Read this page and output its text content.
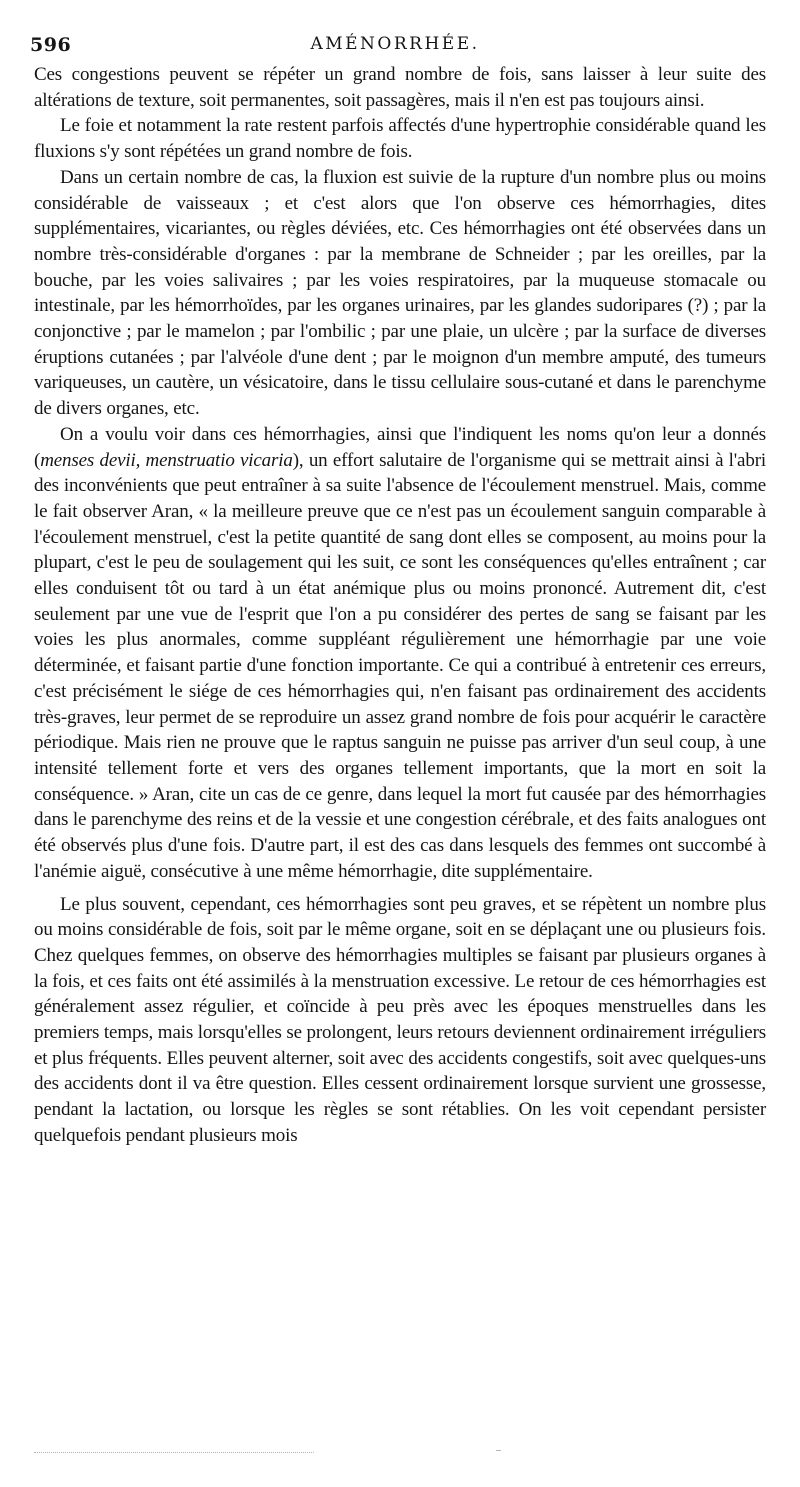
596	AMÉNORRHÉE.

Ces congestions peuvent se répéter un grand nombre de fois, sans laisser à leur suite des altérations de texture, soit permanentes, soit passagères, mais il n'en est pas toujours ainsi.

Le foie et notamment la rate restent parfois affectés d'une hypertrophie considérable quand les fluxions s'y sont répétées un grand nombre de fois.

Dans un certain nombre de cas, la fluxion est suivie de la rupture d'un nombre plus ou moins considérable de vaisseaux ; et c'est alors que l'on observe ces hémorrhagies, dites supplémentaires, vicariantes, ou règles déviées, etc. Ces hémorrhagies ont été observées dans un nombre très-considérable d'organes : par la membrane de Schneider ; par les oreilles, par la bouche, par les voies salivaires ; par les voies respiratoires, par la muqueuse stomacale ou intestinale, par les hémorrhoïdes, par les organes urinaires, par les glandes sudoripares (?) ; par la conjonctive ; par le mamelon ; par l'ombilic ; par une plaie, un ulcère ; par la surface de diverses éruptions cutanées ; par l'alvéole d'une dent ; par le moignon d'un membre amputé, des tumeurs variqueuses, un cautère, un vésicatoire, dans le tissu cellulaire sous-cutané et dans le parenchyme de divers organes, etc.

On a voulu voir dans ces hémorrhagies, ainsi que l'indiquent les noms qu'on leur a donnés (menses devii, menstruatio vicaria), un effort salutaire de l'organisme qui se mettrait ainsi à l'abri des inconvénients que peut entraîner à sa suite l'absence de l'écoulement menstruel. Mais, comme le fait observer Aran, « la meilleure preuve que ce n'est pas un écoulement sanguin comparable à l'écoulement menstruel, c'est la petite quantité de sang dont elles se composent, au moins pour la plupart, c'est le peu de soulagement qui les suit, ce sont les conséquences qu'elles entraînent ; car elles conduisent tôt ou tard à un état anémique plus ou moins prononcé. Autrement dit, c'est seulement par une vue de l'esprit que l'on a pu considérer des pertes de sang se faisant par les voies les plus anormales, comme suppléant régulièrement une hémorrhagie par une voie déterminée, et faisant partie d'une fonction importante. Ce qui a contribué à entretenir ces erreurs, c'est précisément le siége de ces hémorrhagies qui, n'en faisant pas ordinairement des accidents très-graves, leur permet de se reproduire un assez grand nombre de fois pour acquérir le caractère périodique. Mais rien ne prouve que le raptus sanguin ne puisse pas arriver d'un seul coup, à une intensité tellement forte et vers des organes tellement importants, que la mort en soit la conséquence. » Aran, cite un cas de ce genre, dans lequel la mort fut causée par des hémorrhagies dans le parenchyme des reins et de la vessie et une congestion cérébrale, et des faits analogues ont été observés plus d'une fois. D'autre part, il est des cas dans lesquels des femmes ont succombé à l'anémie aiguë, consécutive à une même hémorrhagie, dite supplémentaire.

Le plus souvent, cependant, ces hémorrhagies sont peu graves, et se répètent un nombre plus ou moins considérable de fois, soit par le même organe, soit en se déplaçant une ou plusieurs fois. Chez quelques femmes, on observe des hémorrhagies multiples se faisant par plusieurs organes à la fois, et ces faits ont été assimilés à la menstruation excessive. Le retour de ces hémorrhagies est généralement assez régulier, et coïncide à peu près avec les époques menstruelles dans les premiers temps, mais lorsqu'elles se prolongent, leurs retours deviennent ordinairement irréguliers et plus fréquents. Elles peuvent alterner, soit avec des accidents congestifs, soit avec quelques-uns des accidents dont il va être question. Elles cessent ordinairement lorsque survient une grossesse, pendant la lactation, ou lorsque les règles se sont rétablies. On les voit cependant persister quelquefois pendant plusieurs mois
